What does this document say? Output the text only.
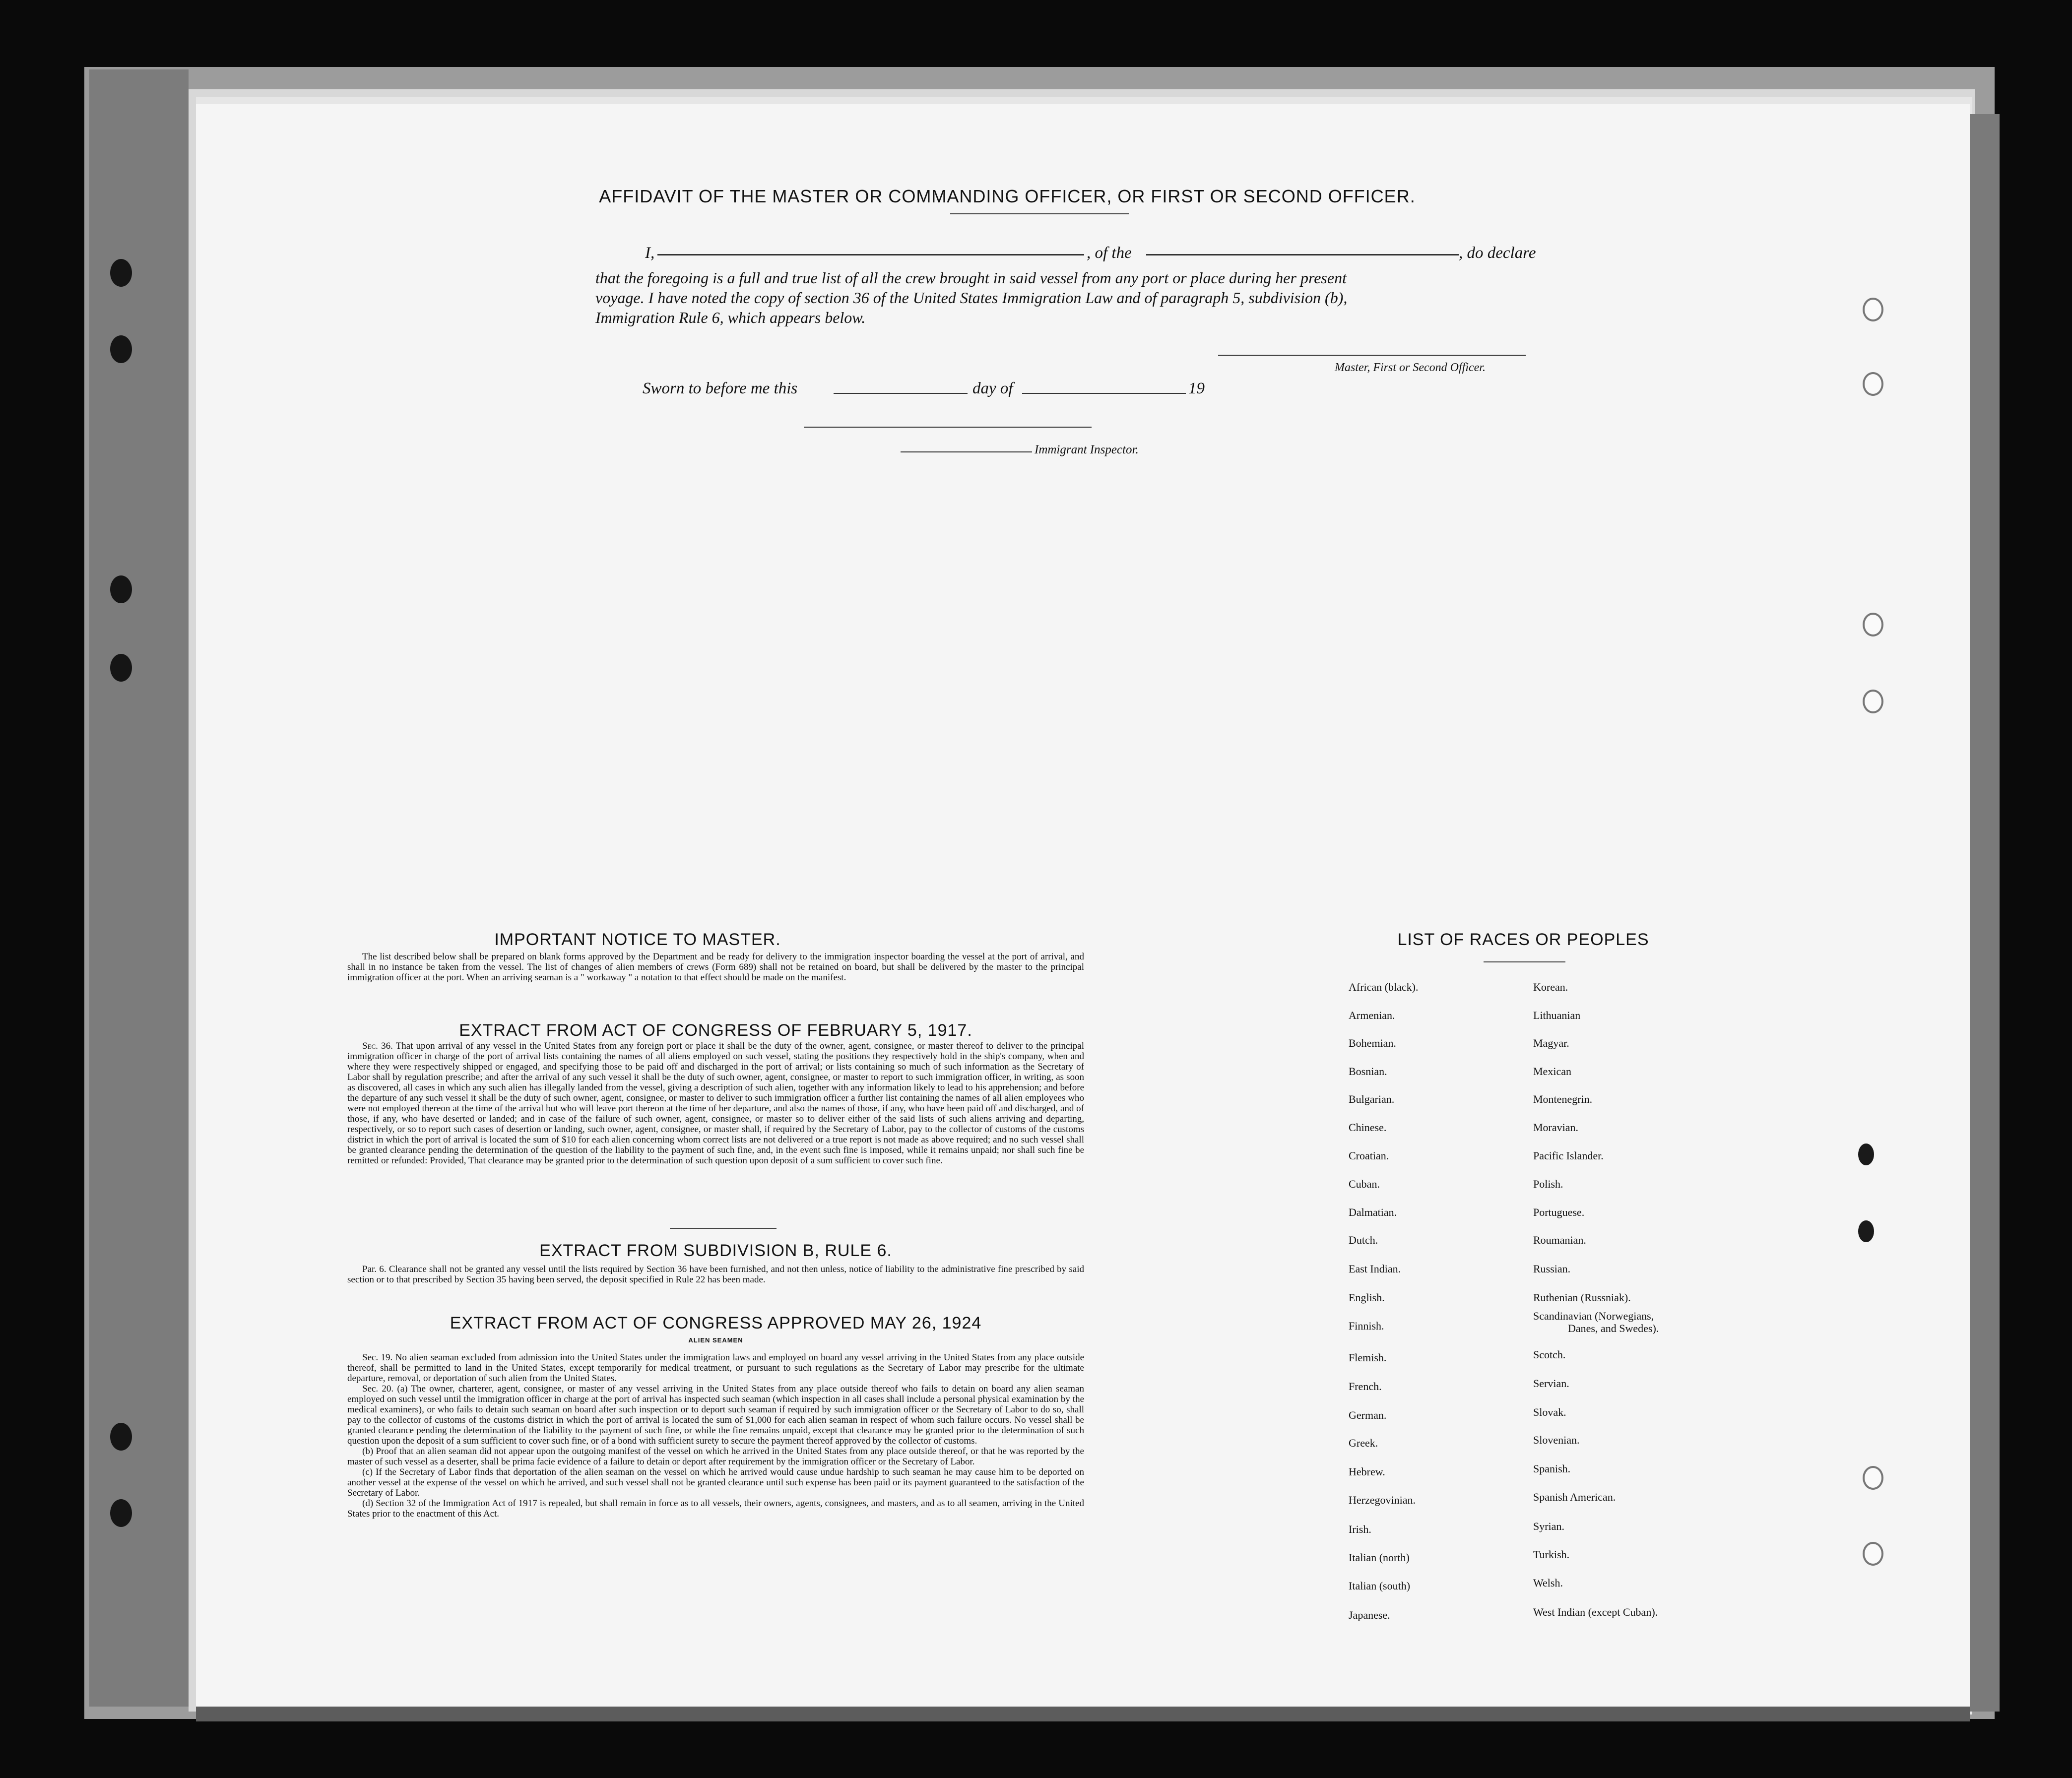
AFFIDAVIT OF THE MASTER OR COMMANDING OFFICER, OR FIRST OR SECOND OFFICER.
I,	, of the	, do declare
that the foregoing is a full and true list of all the crew brought in said vessel from any port or place during her present
voyage. I have noted the copy of section 36 of the United States Immigration Law and of paragraph 5, subdivision (b),
Immigration Rule 6, which appears below.
Master, First or Second Officer.
Sworn to before me this	day of	19
Immigrant Inspector.
IMPORTANT NOTICE TO MASTER.

The list described below shall be prepared on blank forms approved by the Department and be ready for delivery to the immigration inspector boarding the vessel at the port of arrival, and shall in no instance be taken from the vessel. The list of changes of alien members of crews (Form 689) shall not be retained on board, but shall be delivered by the master to the principal immigration officer at the port. When an arriving seaman is a " workaway " a notation to that effect should be made on the manifest.

EXTRACT FROM ACT OF CONGRESS OF FEBRUARY 5, 1917.

Sec. 36. That upon arrival of any vessel in the United States from any foreign port or place it shall be the duty of the owner, agent, consignee, or master thereof to deliver to the principal immigration officer in charge of the port of arrival lists containing the names of all aliens employed on such vessel, stating the positions they respectively hold in the ship's company, when and where they were respectively shipped or engaged, and specifying those to be paid off and discharged in the port of arrival; or lists containing so much of such information as the Secretary of Labor shall by regulation prescribe; and after the arrival of any such vessel it shall be the duty of such owner, agent, consignee, or master to report to such immigration officer, in writing, as soon as discovered, all cases in which any such alien has illegally landed from the vessel, giving a description of such alien, together with any information likely to lead to his apprehension; and before the departure of any such vessel it shall be the duty of such owner, agent, consignee, or master to deliver to such immigration officer a further list containing the names of all alien employees who were not employed thereon at the time of the arrival but who will leave port thereon at the time of her departure, and also the names of those, if any, who have been paid off and discharged, and of those, if any, who have deserted or landed; and in case of the failure of such owner, agent, consignee, or master so to deliver either of the said lists of such aliens arriving and departing, respectively, or so to report such cases of desertion or landing, such owner, agent, consignee, or master shall, if required by the Secretary of Labor, pay to the collector of customs of the customs district in which the port of arrival is located the sum of $10 for each alien concerning whom correct lists are not delivered or a true report is not made as above required; and no such vessel shall be granted clearance pending the determination of the question of the liability to the payment of such fine, and, in the event such fine is imposed, while it remains unpaid; nor shall such fine be remitted or refunded: Provided, That clearance may be granted prior to the determination of such question upon deposit of a sum sufficient to cover such fine.

EXTRACT FROM SUBDIVISION B, RULE 6.

Par. 6. Clearance shall not be granted any vessel until the lists required by Section 36 have been furnished, and not then unless, notice of liability to the administrative fine prescribed by said section or to that prescribed by Section 35 having been served, the deposit specified in Rule 22 has been made.

EXTRACT FROM ACT OF CONGRESS APPROVED MAY 26, 1924
ALIEN SEAMEN

Sec. 19. No alien seaman excluded from admission into the United States under the immigration laws and employed on board any vessel arriving in the United States from any place outside thereof, shall be permitted to land in the United States, except temporarily for medical treatment, or pursuant to such regulations as the Secretary of Labor may prescribe for the ultimate departure, removal, or deportation of such alien from the United States.

Sec. 20. (a) The owner, charterer, agent, consignee, or master of any vessel arriving in the United States from any place outside thereof who fails to detain on board any alien seaman employed on such vessel until the immigration officer in charge at the port of arrival has inspected such seaman (which inspection in all cases shall include a personal physical examination by the medical examiners), or who fails to detain such seaman on board after such inspection or to deport such seaman if required by such immigration officer or the Secretary of Labor to do so, shall pay to the collector of customs of the customs district in which the port of arrival is located the sum of $1,000 for each alien seaman in respect of whom such failure occurs. No vessel shall be granted clearance pending the determination of the liability to the payment of such fine, or while the fine remains unpaid, except that clearance may be granted prior to the determination of such question upon the deposit of a sum sufficient to cover such fine, or of a bond with sufficient surety to secure the payment thereof approved by the collector of customs.

(b) Proof that an alien seaman did not appear upon the outgoing manifest of the vessel on which he arrived in the United States from any place outside thereof, or that he was reported by the master of such vessel as a deserter, shall be prima facie evidence of a failure to detain or deport after requirement by the immigration officer or the Secretary of Labor.

(c) If the Secretary of Labor finds that deportation of the alien seaman on the vessel on which he arrived would cause undue hardship to such seaman he may cause him to be deported on another vessel at the expense of the vessel on which he arrived, and such vessel shall not be granted clearance until such expense has been paid or its payment guaranteed to the satisfaction of the Secretary of Labor.

(d) Section 32 of the Immigration Act of 1917 is repealed, but shall remain in force as to all vessels, their owners, agents, consignees, and masters, and as to all seamen, arriving in the United States prior to the enactment of this Act.

LIST OF RACES OR PEOPLES
African (black).
Armenian.
Bohemian.
Bosnian.
Bulgarian.
Chinese.
Croatian.
Cuban.
Dalmatian.
Dutch.
East Indian.
English.
Finnish.
Flemish.
French.
German.
Greek.
Hebrew.
Herzegovinian.
Irish.
Italian (north)
Italian (south)
Japanese.
Korean.
Lithuanian
Magyar.
Mexican
Montenegrin.
Moravian.
Pacific Islander.
Polish.
Portuguese.
Roumanian.
Russian.
Ruthenian (Russniak).
Scandinavian (Norwegians,
Scotch.
Servian.
Slovak.
Slovenian.
Spanish.
Spanish American.
Syrian.
Turkish.
Welsh.
West Indian (except Cuban).
Danes, and Swedes).
